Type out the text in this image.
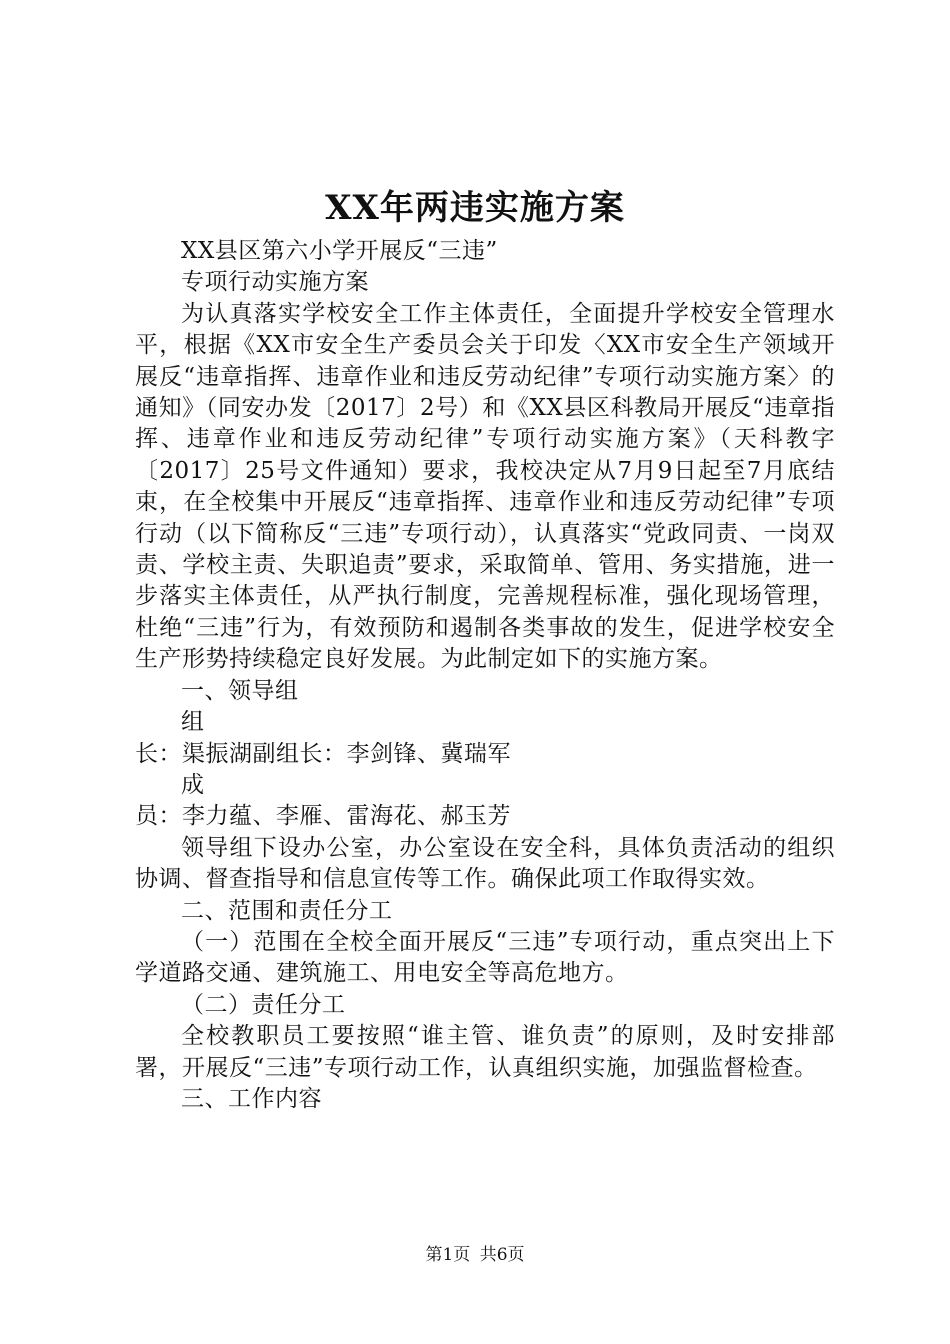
XX年两违实施方案

XX县区第六小学开展反“三违”

专项行动实施方案

为认真落实学校安全工作主体责任，全面提升学校安全管理水平，根据《XX市安全生产委员会关于印发〈XX市安全生产领域开展反“违章指挥、违章作业和违反劳动纪律”专项行动实施方案〉的通知》（同安办发〔2017〕2号）和《XX县区科教局开展反“违章指挥、违章作业和违反劳动纪律”专项行动实施方案》（天科教字〔2017〕25号文件通知）要求，我校决定从7月9日起至7月底结束，在全校集中开展反“违章指挥、违章作业和违反劳动纪律”专项行动（以下简称反“三违”专项行动），认真落实“党政同责、一岗双责、学校主责、失职追责”要求，采取简单、管用、务实措施，进一步落实主体责任，从严执行制度，完善规程标准，强化现场管理，杜绝“三违”行为，有效预防和遏制各类事故的发生，促进学校安全生产形势持续稳定良好发展。为此制定如下的实施方案。

一、领导组

组

长：渠振湖副组长：李剑锋、冀瑞军

成

员：李力蕴、李雁、雷海花、郝玉芳

领导组下设办公室，办公室设在安全科，具体负责活动的组织协调、督查指导和信息宣传等工作。确保此项工作取得实效。

二、范围和责任分工

（一）范围在全校全面开展反“三违”专项行动，重点突出上下学道路交通、建筑施工、用电安全等高危地方。

（二）责任分工

全校教职员工要按照“谁主管、谁负责”的原则，及时安排部署，开展反“三违”专项行动工作，认真组织实施，加强监督检查。

三、工作内容

第1页 共6页
